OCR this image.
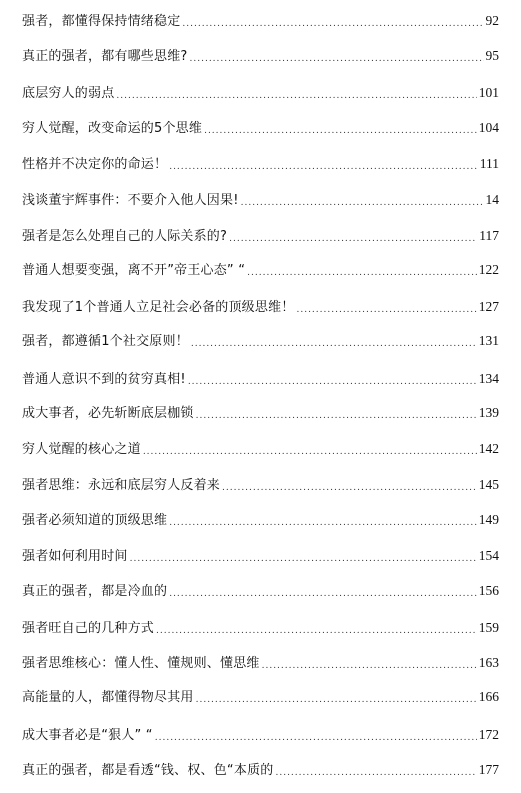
强者，都懂得保持情绪稳定 .....	92
真正的强者，都有哪些思维? .....	95
底层穷人的弱点 .....	101
穷人觉醒，改变命运的5个思维 .....	104
性格并不决定你的命运！ .....	111
浅谈董宇辉事件：不要介入他人因果! .....	14
强者是怎么处理自己的人际关系的? .....	117
普通人想要变强，离不开”帝王心态” “ .....	122
我发现了1个普通人立足社会必备的顶级思维！ .....	127
强者，都遵循1个社交原则！ .....	131
普通人意识不到的贫穷真相! .....	134
成大事者，必先斩断底层枷锁 .....	139
穷人觉醒的核心之道 .....	142
强者思维：永远和底层穷人反着来 .....	145
强者必须知道的顶级思维 .....	149
强者如何利用时间 .....	154
真正的强者，都是冷血的 .....	156
强者旺自己的几种方式 .....	159
强者思维核心：懂人性、懂规则、懂思维 .....	163
高能量的人，都懂得物尽其用 .....	166
成大事者必是“狠人” “ .....	172
真正的强者，都是看透“钱、权、色“本质的 .....	177
